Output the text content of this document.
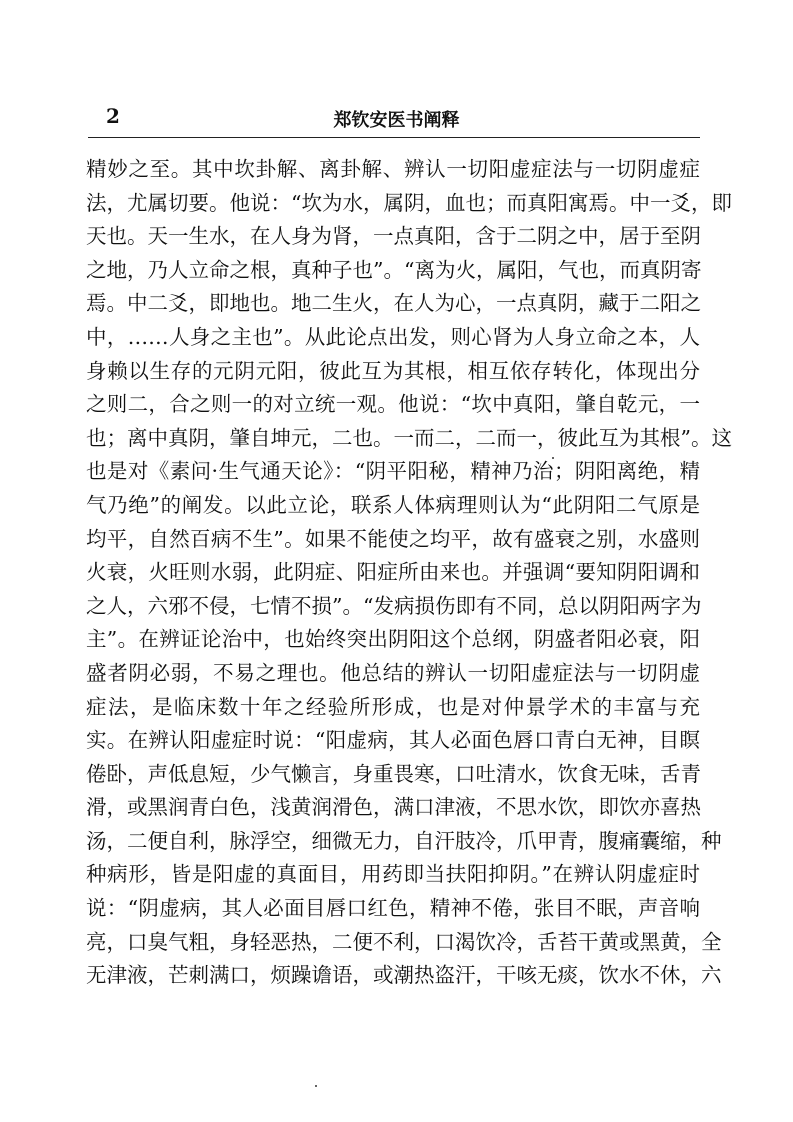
2	郑钦安医书阐释
精妙之至。其中坎卦解、离卦解、辨认一切阳虚症法与一切阴虚症
法，尤属切要。他说：“坎为水，属阴，血也；而真阳寓焉。中一爻，即
天也。天一生水，在人身为肾，一点真阳，含于二阴之中，居于至阴
之地，乃人立命之根，真种子也”。“离为火，属阳，气也，而真阴寄
焉。中二爻，即地也。地二生火，在人为心，一点真阴，藏于二阳之
中，……人身之主也”。从此论点出发，则心肾为人身立命之本，人
身赖以生存的元阴元阳，彼此互为其根，相互依存转化，体现出分
之则二，合之则一的对立统一观。他说：“坎中真阳，肇自乾元，一
也；离中真阴，肇自坤元，二也。一而二，二而一，彼此互为其根”。这
也是对《素问·生气通天论》：“阴平阳秘，精神乃治；阴阳离绝，精
气乃绝”的阐发。以此立论，联系人体病理则认为“此阴阳二气原是
均平，自然百病不生”。如果不能使之均平，故有盛衰之别，水盛则
火衰，火旺则水弱，此阴症、阳症所由来也。并强调“要知阴阳调和
之人，六邪不侵，七情不损”。“发病损伤即有不同，总以阴阳两字为
主”。在辨证论治中，也始终突出阴阳这个总纲，阴盛者阳必衰，阳
盛者阴必弱，不易之理也。他总结的辨认一切阳虚症法与一切阴虚
症法，是临床数十年之经验所形成，也是对仲景学术的丰富与充
实。在辨认阳虚症时说：“阳虚病，其人必面色唇口青白无神，目瞑
倦卧，声低息短，少气懒言，身重畏寒，口吐清水，饮食无味，舌青
滑，或黑润青白色，浅黄润滑色，满口津液，不思水饮，即饮亦喜热
汤，二便自利，脉浮空，细微无力，自汗肢冷，爪甲青，腹痛囊缩，种
种病形，皆是阳虚的真面目，用药即当扶阳抑阴。”在辨认阴虚症时
说：“阴虚病，其人必面目唇口红色，精神不倦，张目不眠，声音响
亮，口臭气粗，身轻恶热，二便不利，口渴饮冷，舌苔干黄或黑黄，全
无津液，芒刺满口，烦躁谵语，或潮热盗汗，干咳无痰，饮水不休，六
